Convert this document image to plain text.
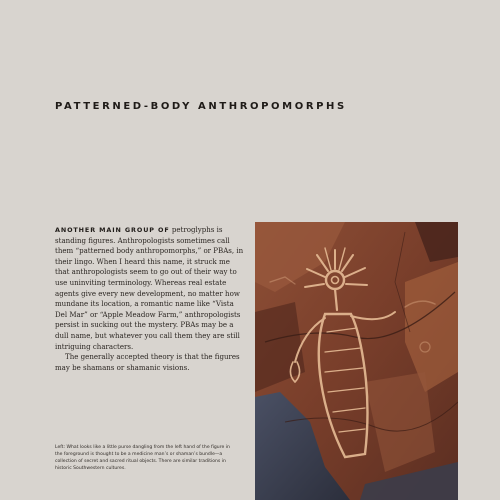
PATTERNED-BODY ANTHROPOMORPHS

ANOTHER MAIN GROUP OF petroglyphs is standing figures. Anthropologists sometimes call them “patterned body anthropomorphs,” or PBAs, in their lingo. When I heard this name, it struck me that anthropologists seem to go out of their way to use uninviting terminology. Whereas real estate agents give every new development, no matter how mundane its location, a romantic name like “Vista Del Mar” or “Apple Meadow Farm,” anthropologists persist in sucking out the mystery. PBAs may be a dull name, but whatever you call them they are still intriguing characters.

The generally accepted theory is that the figures may be shamans or shamanic visions.

Left: What looks like a little purse dangling from the left hand of the figure in the foreground is thought to be a medicine man’s or shaman’s bundle—a collection of secret and sacred ritual objects. There are similar traditions in historic Southwestern cultures.
